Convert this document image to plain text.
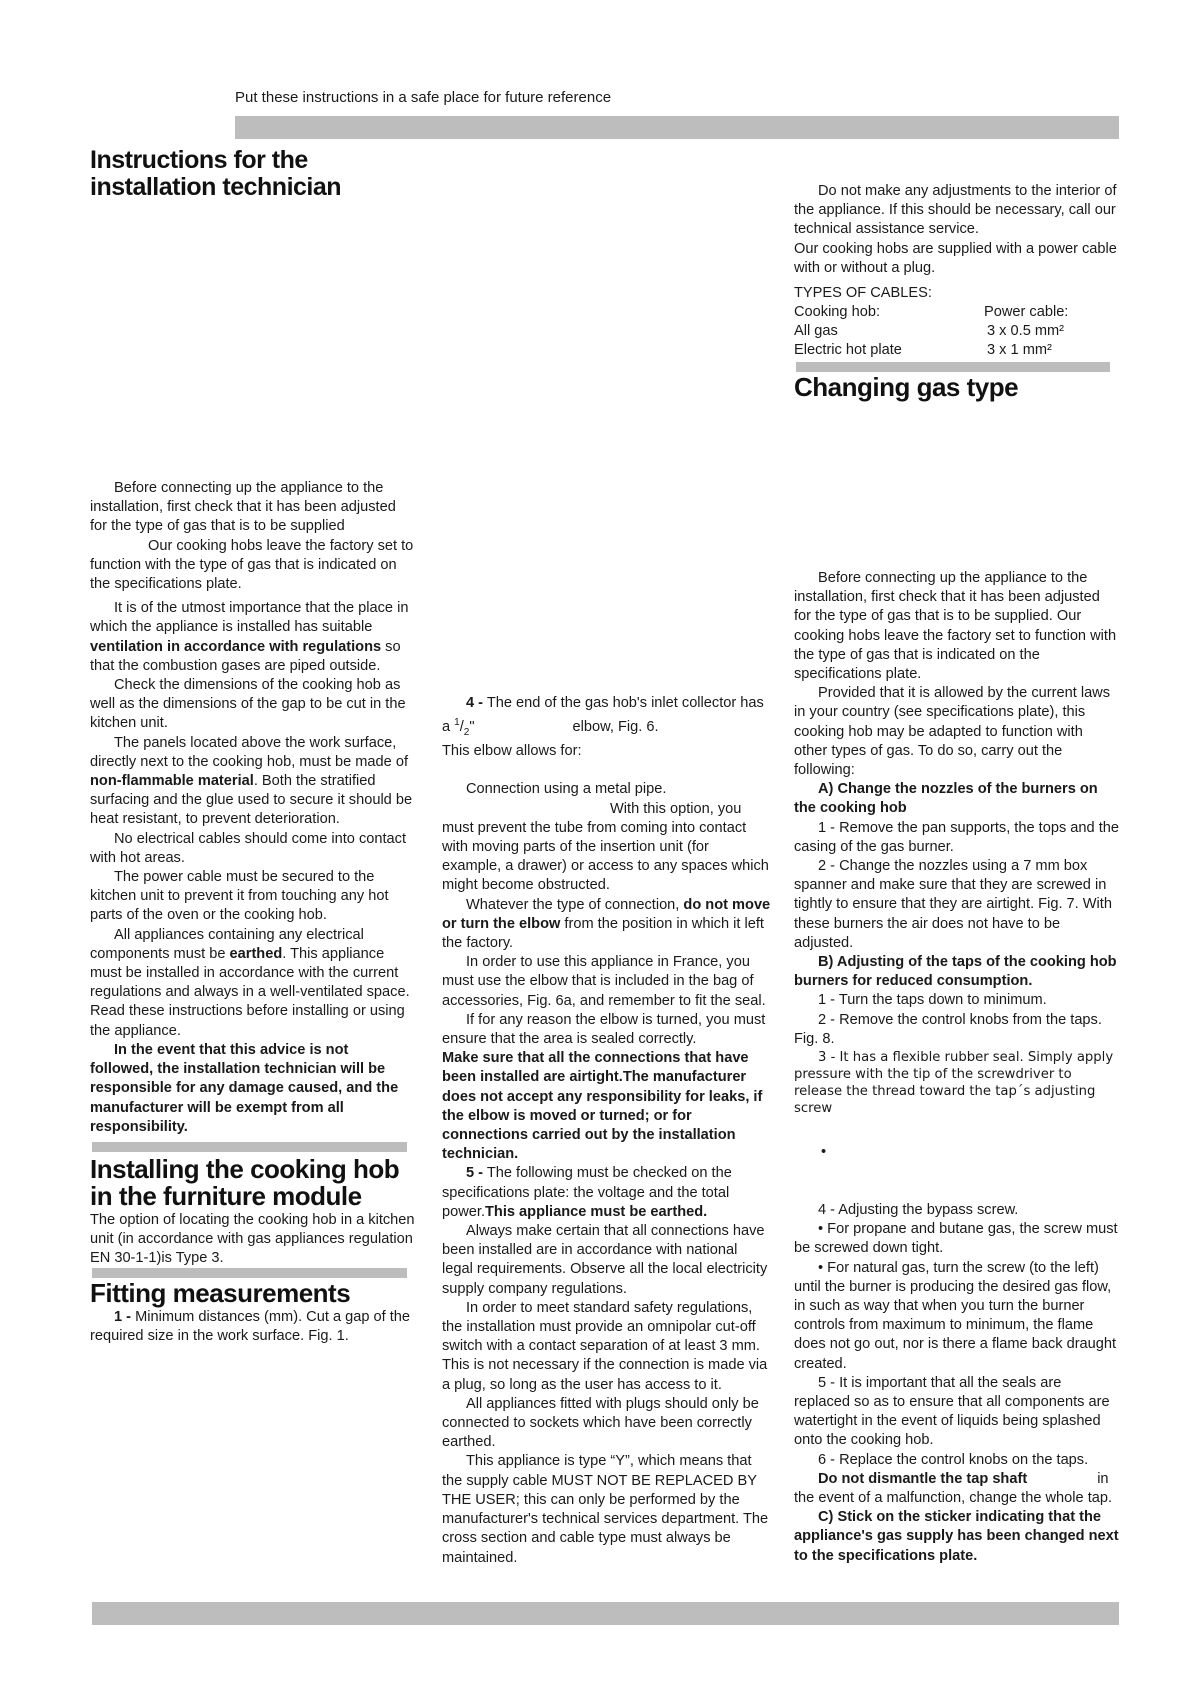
Put these instructions in a safe place for future reference
Instructions for the installation technician

Before connecting up the appliance to the installation, first check that it has been adjusted for the type of gas that is to be supplied

Our cooking hobs leave the factory set to function with the type of gas that is indicated on the specifications plate.

It is of the utmost importance that the place in which the appliance is installed has suitable ventilation in accordance with regulations so that the combustion gases are piped outside.

Check the dimensions of the cooking hob as well as the dimensions of the gap to be cut in the kitchen unit.

The panels located above the work surface, directly next to the cooking hob, must be made of non-flammable material. Both the stratified surfacing and the glue used to secure it should be heat resistant, to prevent deterioration.

No electrical cables should come into contact with hot areas.

The power cable must be secured to the kitchen unit to prevent it from touching any hot parts of the oven or the cooking hob.

All appliances containing any electrical components must be earthed. This appliance must be installed in accordance with the current regulations and always in a well-ventilated space. Read these instructions before installing or using the appliance.

In the event that this advice is not followed, the installation technician will be responsible for any damage caused, and the manufacturer will be exempt from all responsibility.

Installing the cooking hob in the furniture module

The option of locating the cooking hob in a kitchen unit (in accordance with gas appliances regulation EN 30-1-1)is Type 3.

Fitting measurements

1 - Minimum distances (mm). Cut a gap of the required size in the work surface. Fig. 1.

4 - The end of the gas hob's inlet collector has a $^1/_2$"	elbow, Fig. 6.

This elbow allows for:

Connection using a metal pipe.

With this option, you must prevent the tube from coming into contact with moving parts of the insertion unit (for example, a drawer) or access to any spaces which might become obstructed.

Whatever the type of connection, do not move or turn the elbow from the position in which it left the factory.

In order to use this appliance in France, you must use the elbow that is included in the bag of accessories, Fig. 6a, and remember to fit the seal.

If for any reason the elbow is turned, you must ensure that the area is sealed correctly.

Make sure that all the connections that have been installed are airtight.The manufacturer does not accept any responsibility for leaks, if the elbow is moved or turned; or for connections carried out by the installation technician.

5 - The following must be checked on the specifications plate: the voltage and the total power.This appliance must be earthed.

Always make certain that all connections have been installed are in accordance with national legal requirements. Observe all the local electricity supply company regulations.

In order to meet standard safety regulations, the installation must provide an omnipolar cut-off switch with a contact separation of at least 3 mm. This is not necessary if the connection is made via a plug, so long as the user has access to it.

All appliances fitted with plugs should only be connected to sockets which have been correctly earthed.

This appliance is type “Y”, which means that the supply cable MUST NOT BE REPLACED BY THE USER; this can only be performed by the manufacturer's technical services department. The cross section and cable type must always be maintained.

Do not make any adjustments to the interior of the appliance. If this should be necessary, call our technical assistance service.

Our cooking hobs are supplied with a power cable with or without a plug.

TYPES OF CABLES:

Cooking hob:	Power cable:
All gas	3 x 0.5 mm²
Electric hot plate	3 x 1 mm²
Changing gas type

Before connecting up the appliance to the installation, first check that it has been adjusted for the type of gas that is to be supplied. Our cooking hobs leave the factory set to function with the type of gas that is indicated on the specifications plate.

Provided that it is allowed by the current laws in your country (see specifications plate), this cooking hob may be adapted to function with other types of gas. To do so, carry out the following:

A) Change the nozzles of the burners on the cooking hob

1 - Remove the pan supports, the tops and the casing of the gas burner.

2 - Change the nozzles using a 7 mm box spanner and make sure that they are screwed in tightly to ensure that they are airtight. Fig. 7. With these burners the air does not have to be adjusted.

B) Adjusting of the taps of the cooking hob burners for reduced consumption.

1 - Turn the taps down to minimum.

2 - Remove the control knobs from the taps. Fig. 8.

3 - It has a flexible rubber seal. Simply apply pressure with the tip of the screwdriver to release the thread toward the tap´s adjusting screw

•

4 - Adjusting the bypass screw.

• For propane and butane gas, the screw must be screwed down tight.

• For natural gas, turn the screw (to the left) until the burner is producing the desired gas flow, in such as way that when you turn the burner controls from maximum to minimum, the flame does not go out, nor is there a flame back draught created.

5 - It is important that all the seals are replaced so as to ensure that all components are watertight in the event of liquids being splashed onto the cooking hob.

6 - Replace the control knobs on the taps.

Do not dismantle the tap shaft	in

the event of a malfunction, change the whole tap.

C) Stick on the sticker indicating that the appliance's gas supply has been changed next to the specifications plate.
